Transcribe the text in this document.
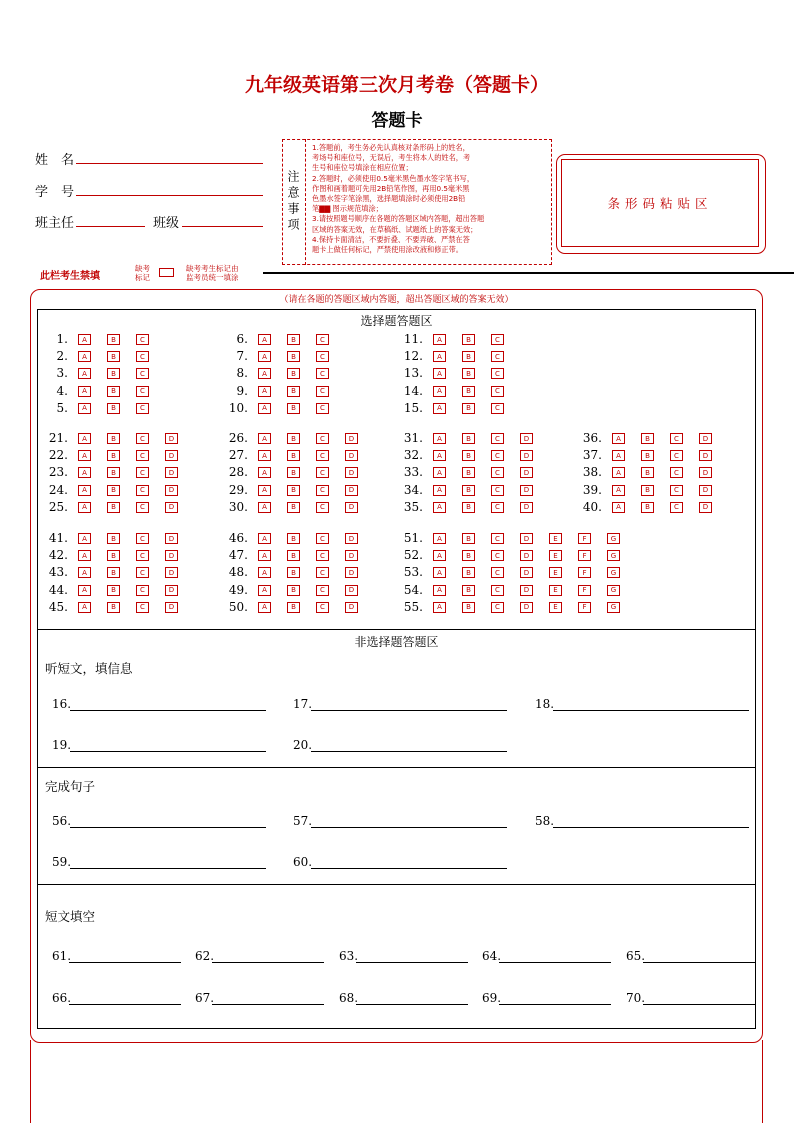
九年级英语第三次月考卷（答题卡）
答题卡
姓　名
学　号
班主任	班级	注意事项
1.答题前，考生务必先认真核对条形码上的姓名，
考场号和座位号，无误后，考生将本人的姓名，考
生号和座位号填涂在相应位置；
2.答题时，必须使用0.5毫米黑色墨水签字笔书写，
作图和画着题可先用2B铅笔作图，再用0.5毫米黑
色墨水签字笔涂黑，选择题填涂时必须使用2B铅
笔▇▇ 图示规范填涂；
3.请按照题号顺序在各题的答题区域内答题，超出答题
区域的答案无效，在草稿纸、试题纸上的答案无效；
4.保持卡面清洁，不要折叠、不要弄破、严禁在答
题卡上做任何标记，严禁使用涂改液和修正带。
条形码粘贴区
此栏考生禁填
缺考
标记
缺考考生标记由
监考员统一填涂
（请在各题的答题区域内答题，超出答题区域的答案无效）
选择题答题区
1.	A	B	C
2.	A	B	C
3.	A	B	C
4.	A	B	C
5.	A	B	C
6.	A	B	C
7.	A	B	C
8.	A	B	C
9.	A	B	C
10.	A	B	C
11.	A	B	C
12.	A	B	C
13.	A	B	C
14.	A	B	C
15.	A	B	C
21.	A	B	C	D
22.	A	B	C	D
23.	A	B	C	D
24.	A	B	C	D
25.	A	B	C	D
26.	A	B	C	D
27.	A	B	C	D
28.	A	B	C	D
29.	A	B	C	D
30.	A	B	C	D
31.	A	B	C	D
32.	A	B	C	D
33.	A	B	C	D
34.	A	B	C	D
35.	A	B	C	D
36.	A	B	C	D
37.	A	B	C	D
38.	A	B	C	D
39.	A	B	C	D
40.	A	B	C	D
41.	A	B	C	D
42.	A	B	C	D
43.	A	B	C	D
44.	A	B	C	D
45.	A	B	C	D
46.	A	B	C	D
47.	A	B	C	D
48.	A	B	C	D
49.	A	B	C	D
50.	A	B	C	D
51.	A	B	C	D	E	F	G
52.	A	B	C	D	E	F	G
53.	A	B	C	D	E	F	G
54.	A	B	C	D	E	F	G
55.	A	B	C	D	E	F	G
非选择题答题区
听短文，填信息
16.	17.	18.
19.	20.
完成句子
56.	57.	58.
59.	60.
短文填空
61.	62.	63.	64.	65.
66.	67.	68.	69.	70.
